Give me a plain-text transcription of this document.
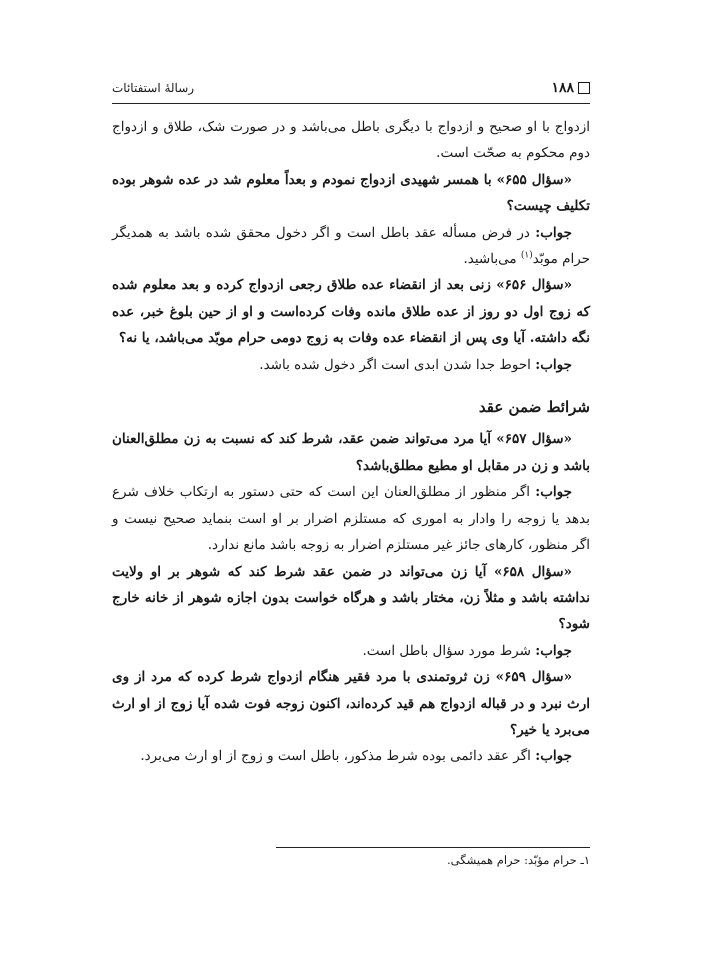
۱۸۸
رسالۀ استفتائات

ازدواج با او صحیح و ازدواج با دیگری باطل می‌باشد و در صورت شک، طلاق و ازدواج دوم محکوم به صحّت است.

«سؤال ۶۵۵» با همسر شهیدی ازدواج نمودم و بعداً معلوم شد در عده شوهر بوده تکلیف چیست؟

جواب: در فرض مسأله عقد باطل است و اگر دخول محقق شده باشد به همدیگر حرام موبّد$^{(۱)}$ می‌باشید.

«سؤال ۶۵۶» زنی بعد از انقضاء عده طلاق رجعی ازدواج کرده و بعد معلوم شده که زوج اول دو روز از عده طلاق مانده وفات کرده‌است و او از حین بلوغ خبر، عده نگه داشته. آیا وی پس از انقضاء عده وفات به زوج دومی حرام موبّد می‌باشد، یا نه؟

جواب: احوط جدا شدن ابدی است اگر دخول شده باشد.

شرائط ضمن عقد

«سؤال ۶۵۷» آیا مرد می‌تواند ضمن عقد، شرط کند که نسبت به زن مطلق‌العنان باشد و زن در مقابل او مطیع مطلق‌باشد؟

جواب: اگر منظور از مطلق‌العنان این است که حتی دستور به ارتکاب خلاف شرع بدهد یا زوجه را وادار به اموری که مستلزم اضرار بر او است بنماید صحیح نیست و اگر منظور، کارهای جائز غیر مستلزم اضرار به زوجه باشد مانع ندارد.

«سؤال ۶۵۸» آیا زن می‌تواند در ضمن عقد شرط کند که شوهر بر او ولایت نداشته باشد و مثلاً زن، مختار باشد و هرگاه خواست بدون اجازه شوهر از خانه خارج شود؟

جواب: شرط مورد سؤال باطل است.

«سؤال ۶۵۹» زن ثروتمندی با مرد فقیر هنگام ازدواج شرط کرده که مرد از وی ارث نبرد و در قباله ازدواج هم قید کرده‌اند، اکنون زوجه فوت شده آیا زوج از او ارث می‌برد یا خیر؟

جواب: اگر عقد دائمی بوده شرط مذکور، باطل است و زوج از او ارث می‌برد.

۱ـ حرام مؤبّد: حرام همیشگی.
